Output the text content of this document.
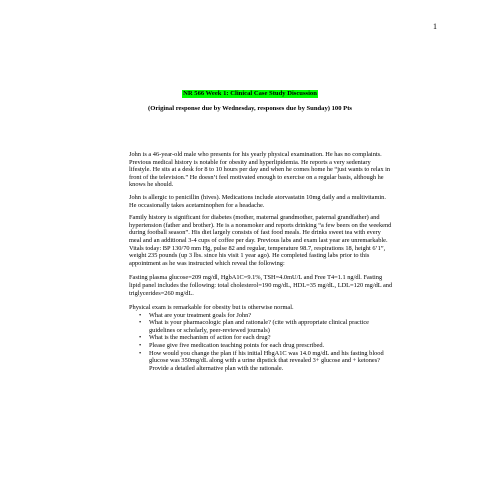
1
NR 566 Week 1: Clinical Case Study Discussion
(Original response due by Wednesday, responses due by Sunday) 100 Pts

John is a 46-year-old male who presents for his yearly physical examination. He has no complaints. Previous medical history is notable for obesity and hyperlipidemia. He reports a very sedentary lifestyle. He sits at a desk for 8 to 10 hours per day and when he comes home he “just wants to relax in front of the television.” He doesn’t feel motivated enough to exercise on a regular basis, although he knows he should.

John is allergic to penicillin (hives). Medications include atorvastatin 10mg daily and a multivitamin. He occasionally takes acetaminophen for a headache.

Family history is significant for diabetes (mother, maternal grandmother, paternal grandfather) and hypertension (father and brother). He is a nonsmoker and reports drinking “a few beers on the weekend during football season”. His diet largely consists of fast food meals. He drinks sweet tea with every meal and an additional 3-4 cups of coffee per day. Previous labs and exam last year are unremarkable.

Vitals today: BP 130/70 mm Hg, pulse 82 and regular, temperature 98.7, respirations 18, height 6’1”, weight 235 pounds (up 3 lbs. since his visit 1 year ago). He completed fasting labs prior to this appointment as he was instructed which reveal the following:

Fasting plasma glucose=209 mg/dl, HgbA1C=9.1%, TSH=4.0mU/L and Free T4=1.1 ng/dl. Fasting lipid panel includes the following: total cholesterol=190 mg/dL, HDL=35 mg/dL, LDL=120 mg/dL and triglycerides=260 mg/dL.

Physical exam is remarkable for obesity but is otherwise normal.

• What are your treatment goals for John?
• What is your pharmacologic plan and rationale? (cite with appropriate clinical practice guidelines or scholarly, peer-reviewed journals)
• What is the mechanism of action for each drug?
• Please give five medication teaching points for each drug prescribed.
• How would you change the plan if his initial HbgA1C was 14.0 mg/dL and his fasting blood glucose was 350mg/dL along with a urine dipstick that revealed 3+ glucose and + ketones? Provide a detailed alternative plan with the rationale.
